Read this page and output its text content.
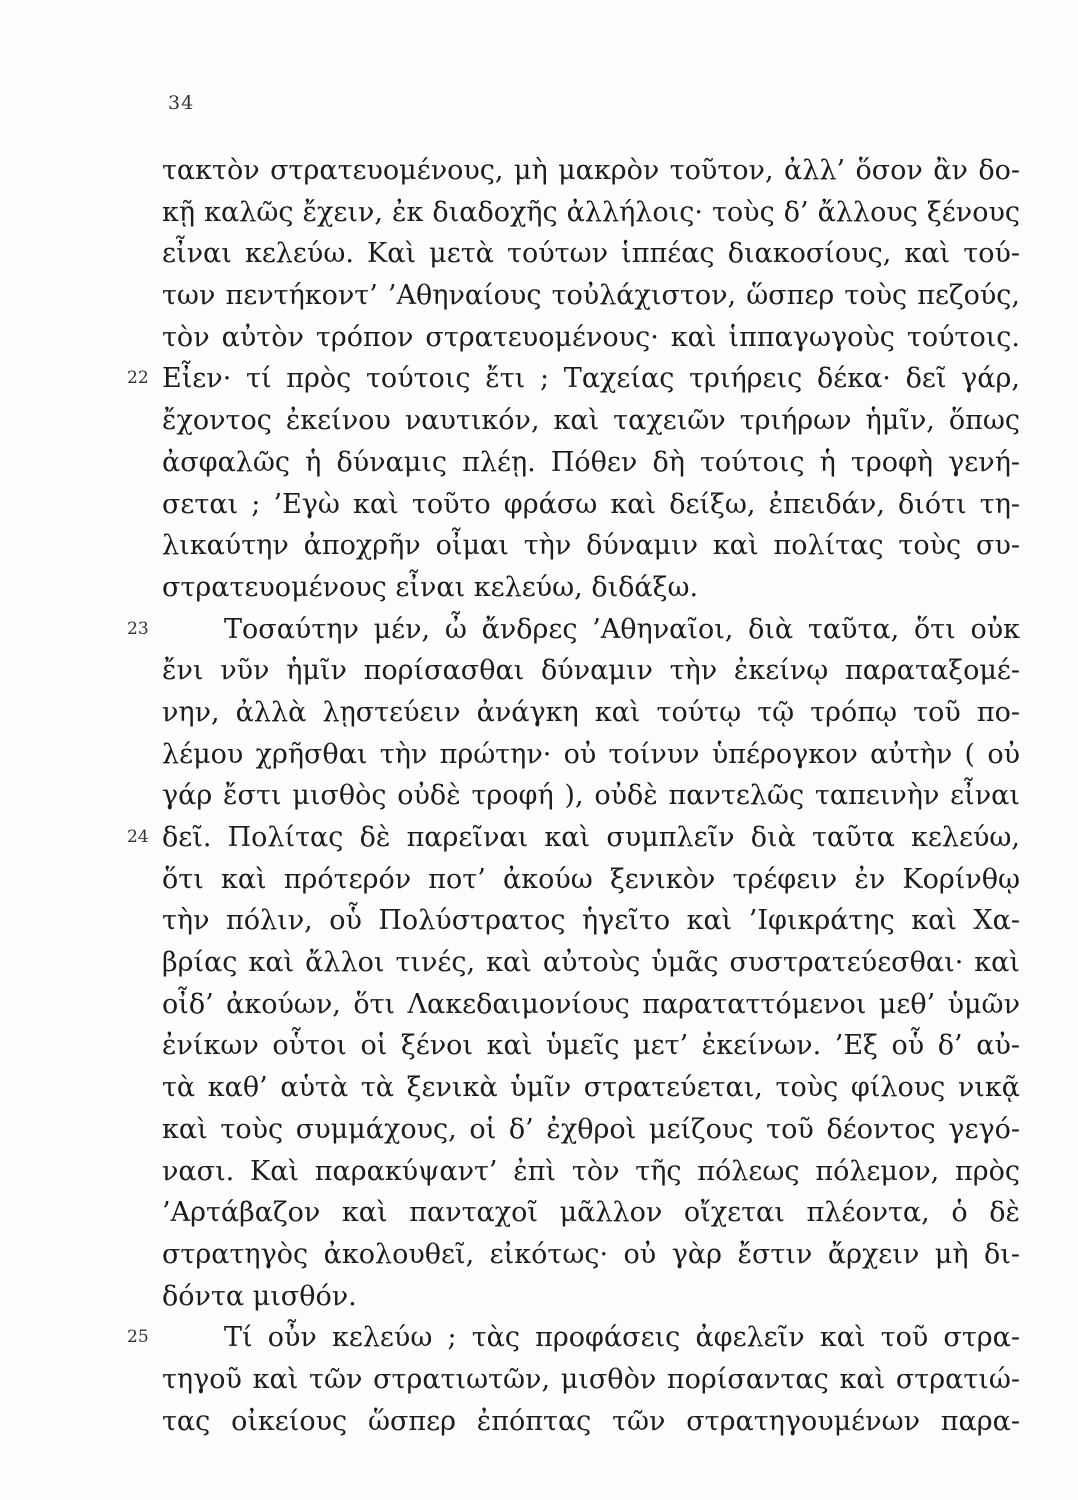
34
τακτὸν στρατευομένους, μὴ μακρὸν τοῦτον, ἀλλ’ ὅσον ἂν δο-
κῇ καλῶς ἔχειν, ἐκ διαδοχῆς ἀλλήλοις· τοὺς δ’ ἄλλους ξένους
εἶναι κελεύω. Καὶ μετὰ τούτων ἱππέας διακοσίους, καὶ τού-
των πεντήκοντ’ ’Αθηναίους τοὐλάχιστον, ὥσπερ τοὺς πεζούς,
τὸν αὐτὸν τρόπον στρατευομένους· καὶ ἱππαγωγοὺς τούτοις.
22 Εἶεν· τί πρὸς τούτοις ἔτι ; Ταχείας τριήρεις δέκα· δεῖ γάρ,
ἔχοντος ἐκείνου ναυτικόν, καὶ ταχειῶν τριήρων ἡμῖν, ὅπως
ἀσφαλῶς ἡ δύναμις πλέῃ. Πόθεν δὴ τούτοις ἡ τροφὴ γενή-
σεται ; ’Εγὼ καὶ τοῦτο φράσω καὶ δείξω, ἐπειδάν, διότι τη-
λικαύτην ἀποχρῆν οἶμαι τὴν δύναμιν καὶ πολίτας τοὺς συ-
στρατευομένους εἶναι κελεύω, διδάξω.
23	Τοσαύτην μέν, ὦ ἄνδρες ’Αθηναῖοι, διὰ ταῦτα, ὅτι οὐκ
ἔνι νῦν ἡμῖν πορίσασθαι δύναμιν τὴν ἐκείνῳ παραταξομέ-
νην, ἀλλὰ λῃστεύειν ἀνάγκη καὶ τούτῳ τῷ τρόπῳ τοῦ πο-
λέμου χρῆσθαι τὴν πρώτην· οὐ τοίνυν ὑπέρογκον αὐτὴν ( οὐ
γάρ ἔστι μισθὸς οὐδὲ τροφή ), οὐδὲ παντελῶς ταπεινὴν εἶναι
24 δεῖ. Πολίτας δὲ παρεῖναι καὶ συμπλεῖν διὰ ταῦτα κελεύω,
ὅτι καὶ πρότερόν ποτ’ ἀκούω ξενικὸν τρέφειν ἐν Κορίνθῳ
τὴν πόλιν, οὗ Πολύστρατος ἡγεῖτο καὶ ’Ιφικράτης καὶ Χα-
βρίας καὶ ἄλλοι τινές, καὶ αὐτοὺς ὑμᾶς συστρατεύεσθαι· καὶ
οἶδ’ ἀκούων, ὅτι Λακεδαιμονίους παραταττόμενοι μεθ’ ὑμῶν
ἐνίκων οὗτοι οἱ ξένοι καὶ ὑμεῖς μετ’ ἐκείνων. ’Εξ οὗ δ’ αὐ-
τὰ καθ’ αὑτὰ τὰ ξενικὰ ὑμῖν στρατεύεται, τοὺς φίλους νικᾷ
καὶ τοὺς συμμάχους, οἱ δ’ ἐχθροὶ μείζους τοῦ δέοντος γεγό-
νασι. Καὶ παρακύψαντ’ ἐπὶ τὸν τῆς πόλεως πόλεμον, πρὸς
’Αρτάβαζον καὶ πανταχοῖ μᾶλλον οἴχεται πλέοντα, ὁ δὲ
στρατηγὸς ἀκολουθεῖ, εἰκότως· οὐ γὰρ ἔστιν ἄρχειν μὴ δι-
δόντα μισθόν.
25	Τί οὖν κελεύω ; τὰς προφάσεις ἀφελεῖν καὶ τοῦ στρα-
τηγοῦ καὶ τῶν στρατιωτῶν, μισθὸν πορίσαντας καὶ στρατιώ-
τας οἰκείους ὥσπερ ἐπόπτας τῶν στρατηγουμένων παρα-
